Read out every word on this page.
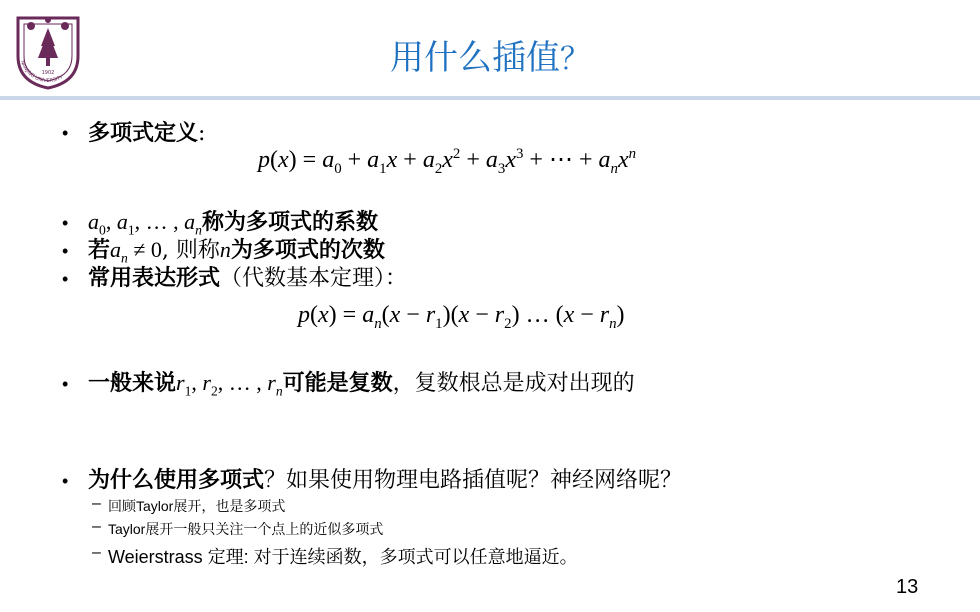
NANJING UNIVERSITY
1902	用什么插值？
• 多项式定义:
$p(x) = a_0 + a_1x + a_2x^2 + a_3x^3$ + ⋯ + $a_nx^n$
• $a_0$, $a_1$, … , $a_n$称为多项式的系数
• 若$a_n \ne 0$, 则称n为多项式的次数
• 常用表达形式（代数基本定理）：
$p(x) = a_n(x - r_1)(x - r_2)$ … $(x - r_n)$
• 一般来说$r_1$, $r_2$, … , $r_n$可能是复数，复数根总是成对出现的
• 为什么使用多项式？如果使用物理电路插值呢？神经网络呢？
– 回顾Taylor展开，也是多项式
– Taylor展开一般只关注一个点上的近似多项式
– Weierstrass 定理: 对于连续函数，多项式可以任意地逼近。
13
